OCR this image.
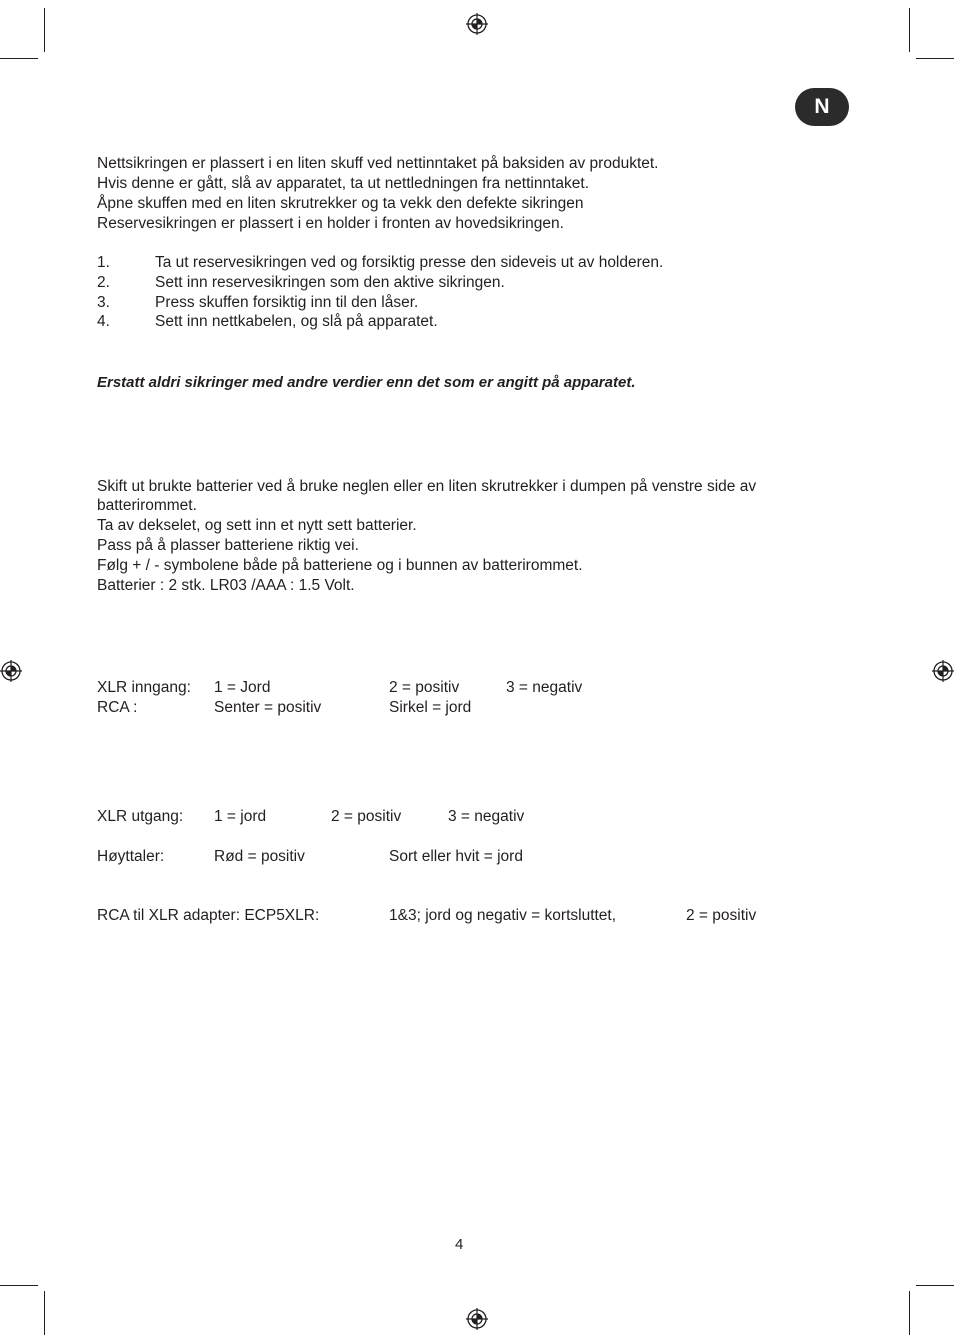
N
Nettsikringen er plassert i en liten skuff ved nettinntaket på baksiden av produktet.
Hvis denne er gått, slå av apparatet, ta ut nettledningen fra nettinntaket.
Åpne skuffen med en liten skrutrekker og ta vekk den defekte sikringen
Reservesikringen er plassert i en holder i fronten av hovedsikringen.
1.	Ta ut reservesikringen ved og forsiktig presse den sideveis ut av holderen.
2.	Sett inn reservesikringen som den aktive sikringen.
3.	Press skuffen forsiktig inn til den låser.
4.	Sett inn nettkabelen, og slå på apparatet.
Erstatt aldri sikringer med andre verdier enn det som er angitt på apparatet.
Skift ut brukte batterier ved å bruke neglen eller en liten skrutrekker i dumpen på venstre side av
batterirommet.
Ta av dekselet, og sett inn et nytt sett batterier.
Pass på å plasser batteriene riktig vei.
Følg + / - symbolene både på batteriene og i bunnen av batterirommet.
Batterier : 2 stk. LR03 /AAA : 1.5 Volt.
XLR inngang: 1 = Jord	2 = positiv	3 = negativ
RCA :	Senter = positiv	Sirkel = jord
XLR utgang: 1 = jord	2 = positiv	3 = negativ
Høyttaler:	Rød = positiv	Sort eller hvit = jord
RCA til XLR adapter: ECP5XLR:	1&3; jord og negativ = kortsluttet,	2 = positiv
4
